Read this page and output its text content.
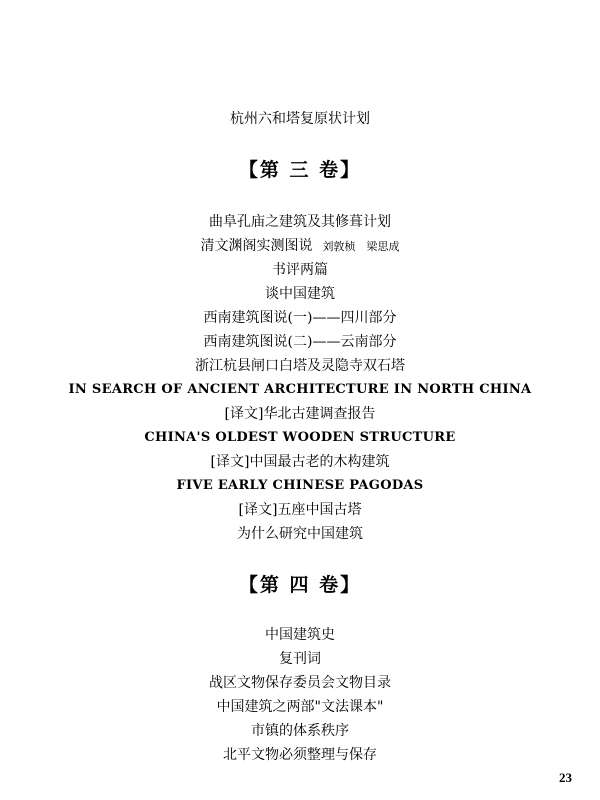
杭州六和塔复原状计划
【第 三 卷】
曲阜孔庙之建筑及其修葺计划
清文渊阁实测图说 刘敦桢　梁思成
书评两篇
谈中国建筑
西南建筑图说(一)——四川部分
西南建筑图说(二)——云南部分
浙江杭县闸口白塔及灵隐寺双石塔
IN SEARCH OF ANCIENT ARCHITECTURE IN NORTH CHINA
[译文]华北古建调查报告
CHINA'S OLDEST WOODEN STRUCTURE
[译文]中国最古老的木构建筑
FIVE EARLY CHINESE PAGODAS
[译文]五座中国古塔
为什么研究中国建筑
【第 四 卷】
中国建筑史
复刊词
战区文物保存委员会文物目录
中国建筑之两部"文法课本"
市镇的体系秩序
北平文物必须整理与保存
23
